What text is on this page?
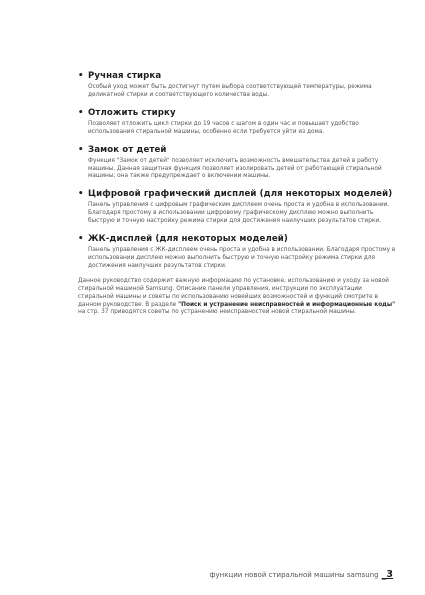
• Ручная стирка
Особый уход может быть достигнут путем выбора соответствующей температуры, режима деликатной стирки и соответствующего количества воды.
• Отложить стирку
Позволяет отложить цикл стирки до 19 часов с шагом в один час и повышает удобство использования стиральной машины, особенно если требуется уйти из дома.
• Замок от детей
Функция "Замок от детей" позволяет исключить возможность вмешательства детей в работу машины. Данная защитная функция позволяет изолировать детей от работающей стиральной машины; она также предупреждает о включении машины.
• Цифровой графический дисплей (для некоторых моделей)
Панель управления с цифровым графическим дисплеем очень проста и удобна в использовании. Благодаря простому в использовании цифровому графическому дисплею можно выполнить быструю и точную настройку режима стирки для достижения наилучших результатов стирки.
• ЖК-дисплей (для некоторых моделей)
Панель управления с ЖК-дисплеем очень проста и удобна в использовании. Благодаря простому в использовании дисплею можно выполнить быструю и точную настройку режима стирки для достижения наилучших результатов стирки.
Данное руководство содержит важную информацию по установке, использованию и уходу за новой стиральной машиной Samsung. Описание панели управления, инструкции по эксплуатации стиральной машины и советы по использованию новейших возможностей и функций смотрите в данном руководстве. В разделе "Поиск и устранение неисправностей и информационные коды" на стр. 37 приводятся советы по устранению неисправностей новой стиральной машины.
функции новой стиральной машины samsung _3
